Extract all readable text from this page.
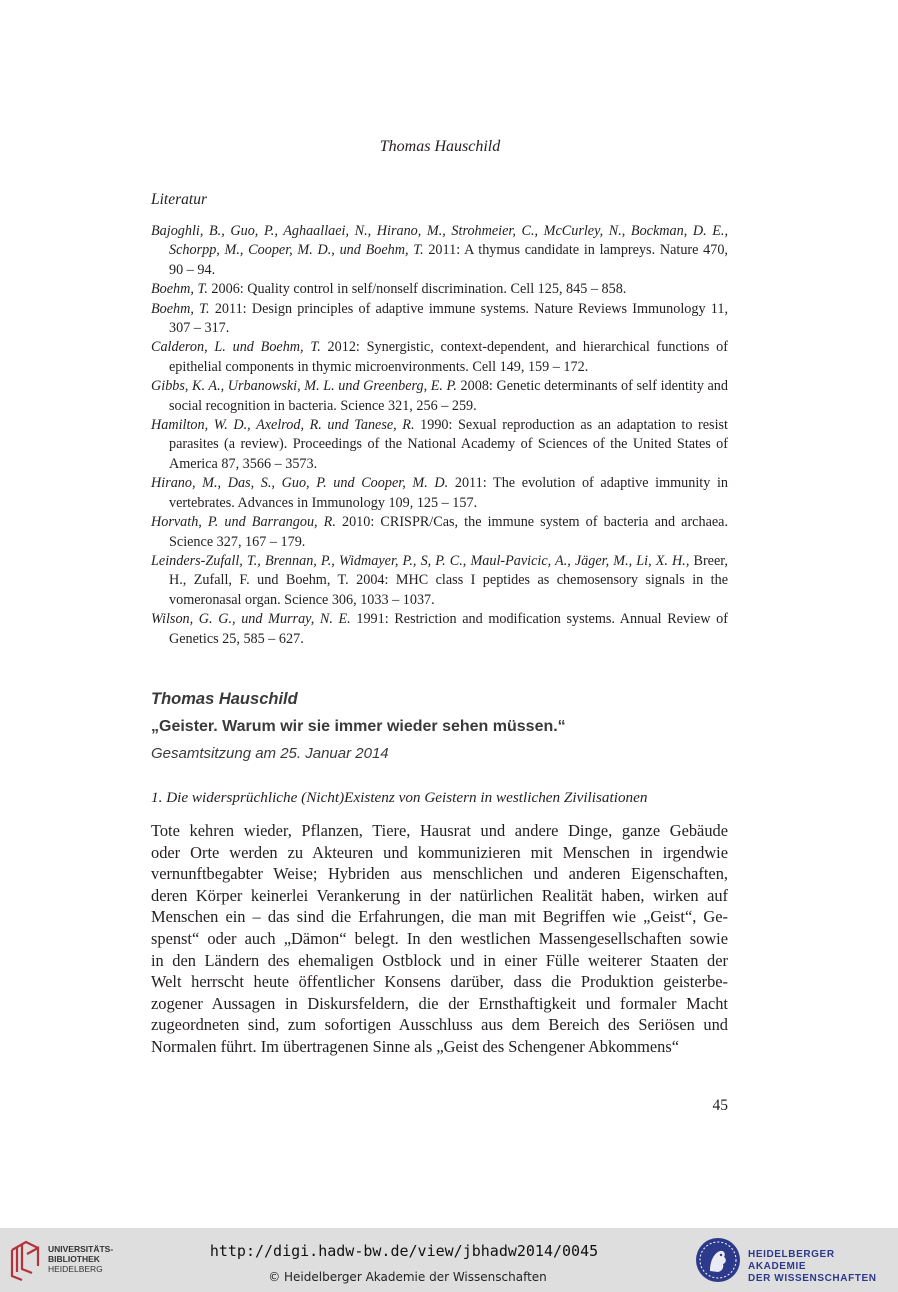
Thomas Hauschild
Literatur
Bajoghli, B., Guo, P., Aghaallaei, N., Hirano, M., Strohmeier, C., McCurley, N., Bockman, D. E., Schorpp, M., Cooper, M. D., und Boehm, T. 2011: A thymus candidate in lampreys. Nature 470, 90 – 94.
Boehm, T. 2006: Quality control in self/nonself discrimination. Cell 125, 845 – 858.
Boehm, T. 2011: Design principles of adaptive immune systems. Nature Reviews Immunology 11, 307 – 317.
Calderon, L. und Boehm, T. 2012: Synergistic, context-dependent, and hierarchical functions of epithelial components in thymic microenvironments. Cell 149, 159 – 172.
Gibbs, K. A., Urbanowski, M. L. und Greenberg, E. P. 2008: Genetic determinants of self identity and social recognition in bacteria. Science 321, 256 – 259.
Hamilton, W. D., Axelrod, R. und Tanese, R. 1990: Sexual reproduction as an adaptation to resist parasites (a review). Proceedings of the National Academy of Sciences of the United States of America 87, 3566 – 3573.
Hirano, M., Das, S., Guo, P. und Cooper, M. D. 2011: The evolution of adaptive immunity in vertebrates. Advances in Immunology 109, 125 – 157.
Horvath, P. und Barrangou, R. 2010: CRISPR/Cas, the immune system of bacteria and archaea. Science 327, 167 – 179.
Leinders-Zufall, T., Brennan, P., Widmayer, P., S, P. C., Maul-Pavicic, A., Jäger, M., Li, X. H., Breer, H., Zufall, F. und Boehm, T. 2004: MHC class I peptides as chemosensory signals in the vomeronasal organ. Science 306, 1033 – 1037.
Wilson, G. G., und Murray, N. E. 1991: Restriction and modification systems. Annual Review of Genetics 25, 585 – 627.
Thomas Hauschild
„Geister. Warum wir sie immer wieder sehen müssen.“
Gesamtsitzung am 25. Januar 2014
1. Die widersprüchliche (Nicht)Existenz von Geistern in westlichen Zivilisationen
Tote kehren wieder, Pflanzen, Tiere, Hausrat und andere Dinge, ganze Gebäude
oder Orte werden zu Akteuren und kommunizieren mit Menschen in irgendwie
vernunftbegabter Weise; Hybriden aus menschlichen und anderen Eigenschaften,
deren Körper keinerlei Verankerung in der natürlichen Realität haben, wirken auf
Menschen ein – das sind die Erfahrungen, die man mit Begriffen wie „Geist“, Ge-
spenst“ oder auch „Dämon“ belegt. In den westlichen Massengesellschaften sowie
in den Ländern des ehemaligen Ostblock und in einer Fülle weiterer Staaten der
Welt herrscht heute öffentlicher Konsens darüber, dass die Produktion geisterbe-
zogener Aussagen in Diskursfeldern, die der Ernsthaftigkeit und formaler Macht
zugeordneten sind, zum sofortigen Ausschluss aus dem Bereich des Seriösen und
Normalen führt. Im übertragenen Sinne als „Geist des Schengener Abkommens“
45
UNIVERSITÄTS-
BIBLIOTHEK
HEIDELBERG
http://digi.hadw-bw.de/view/jbhadw2014/0045
© Heidelberger Akademie der Wissenschaften
HEIDELBERGER AKADEMIE
DER WISSENSCHAFTEN
